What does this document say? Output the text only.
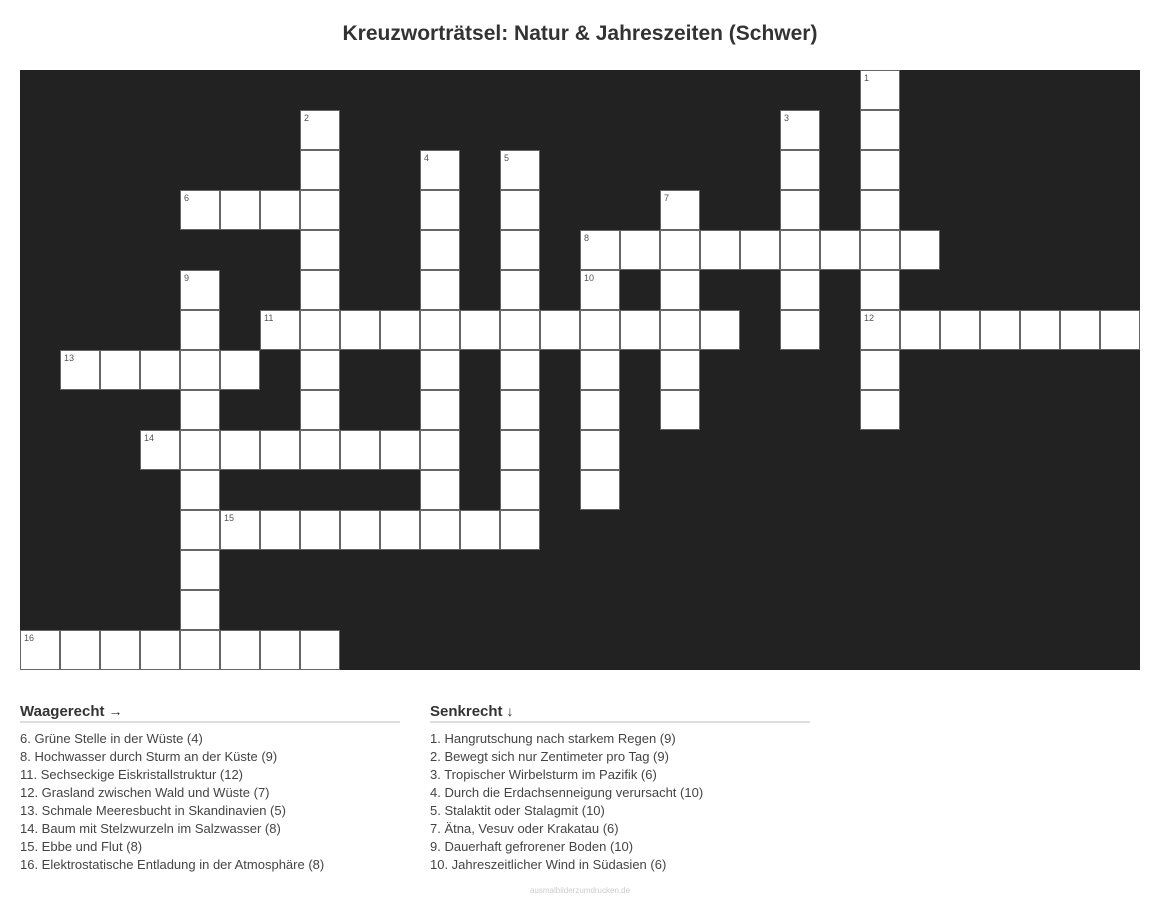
Kreuzworträtsel: Natur & Jahreszeiten (Schwer)
1
12
2	3
4	5
6	7
8
9	10
11
13
14
15
16
Waagerecht →
6. Grüne Stelle in der Wüste (4)
8. Hochwasser durch Sturm an der Küste (9)
11. Sechseckige Eiskristallstruktur (12)
12. Grasland zwischen Wald und Wüste (7)
13. Schmale Meeresbucht in Skandinavien (5)
14. Baum mit Stelzwurzeln im Salzwasser (8)
15. Ebbe und Flut (8)
16. Elektrostatische Entladung in der Atmosphäre (8)
Senkrecht ↓
1. Hangrutschung nach starkem Regen (9)
2. Bewegt sich nur Zentimeter pro Tag (9)
3. Tropischer Wirbelsturm im Pazifik (6)
4. Durch die Erdachsenneigung verursacht (10)
5. Stalaktit oder Stalagmit (10)
7. Ätna, Vesuv oder Krakatau (6)
9. Dauerhaft gefrorener Boden (10)
10. Jahreszeitlicher Wind in Südasien (6)
ausmalbilderzumdrucken.de
